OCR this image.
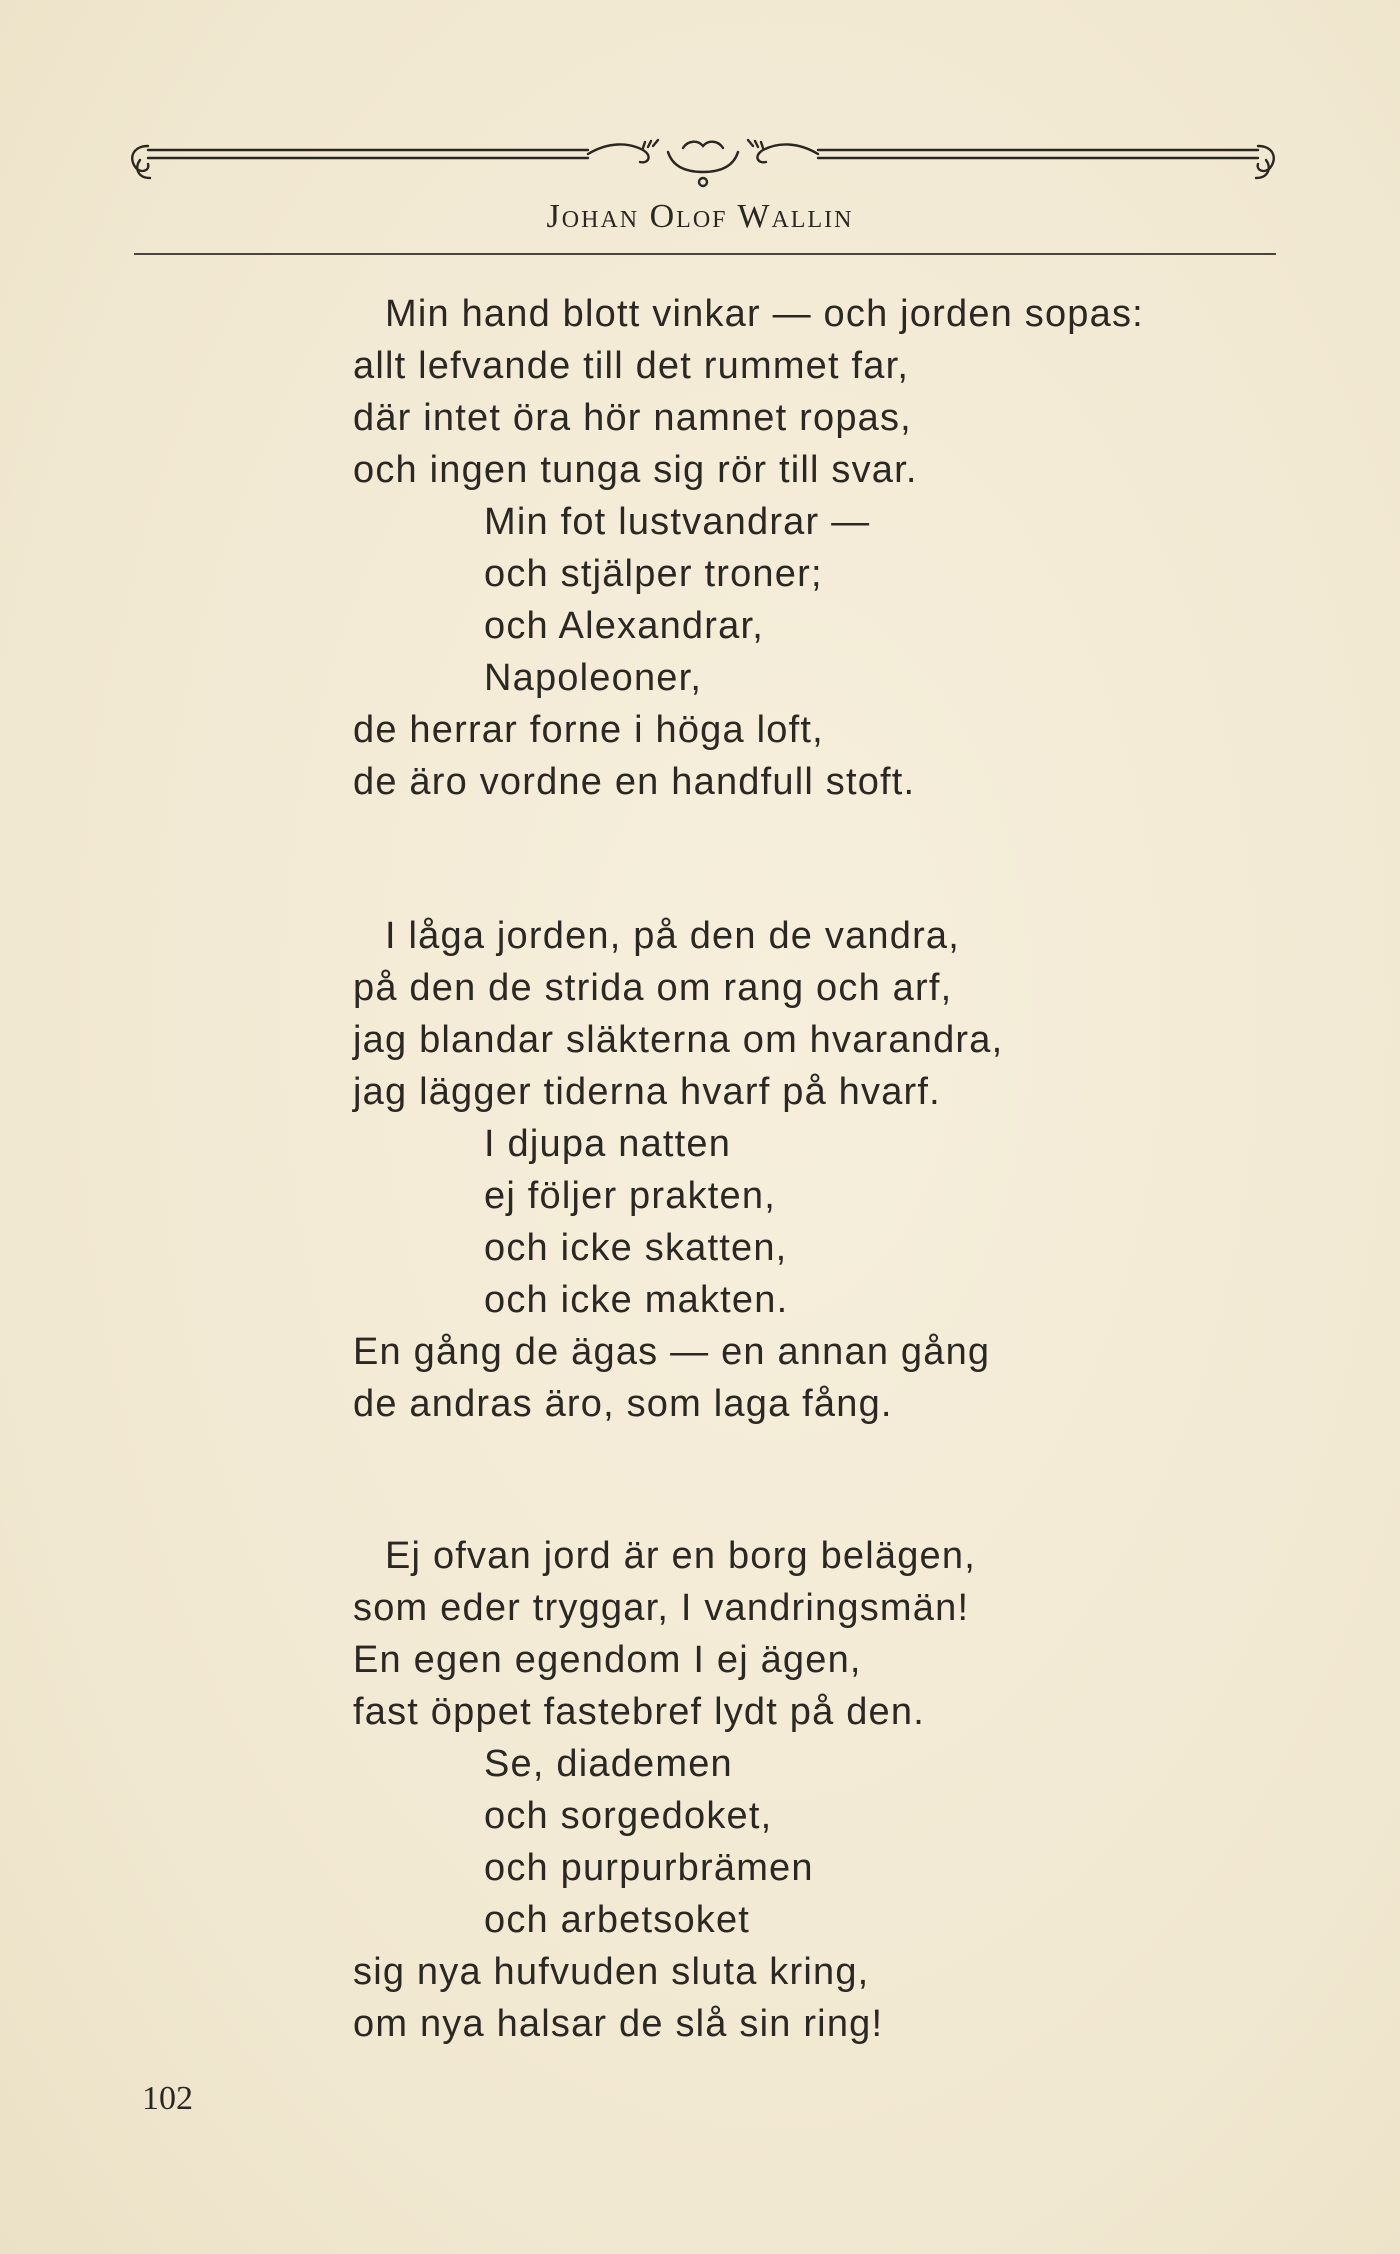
Johan Olof Wallin
Min hand blott vinkar — och jorden sopas:
allt lefvande till det rummet far,
där intet öra hör namnet ropas,
och ingen tunga sig rör till svar.
Min fot lustvandrar —
och stjälper troner;
och Alexandrar,
Napoleoner,
de herrar forne i höga loft,
de äro vordne en handfull stoft.
I låga jorden, på den de vandra,
på den de strida om rang och arf,
jag blandar släkterna om hvarandra,
jag lägger tiderna hvarf på hvarf.
I djupa natten
ej följer prakten,
och icke skatten,
och icke makten.
En gång de ägas — en annan gång
de andras äro, som laga fång.
Ej ofvan jord är en borg belägen,
som eder tryggar, I vandringsmän!
En egen egendom I ej ägen,
fast öppet fastebref lydt på den.
Se, diademen
och sorgedoket,
och purpurbrämen
och arbetsoket
sig nya hufvuden sluta kring,
om nya halsar de slå sin ring!
102
